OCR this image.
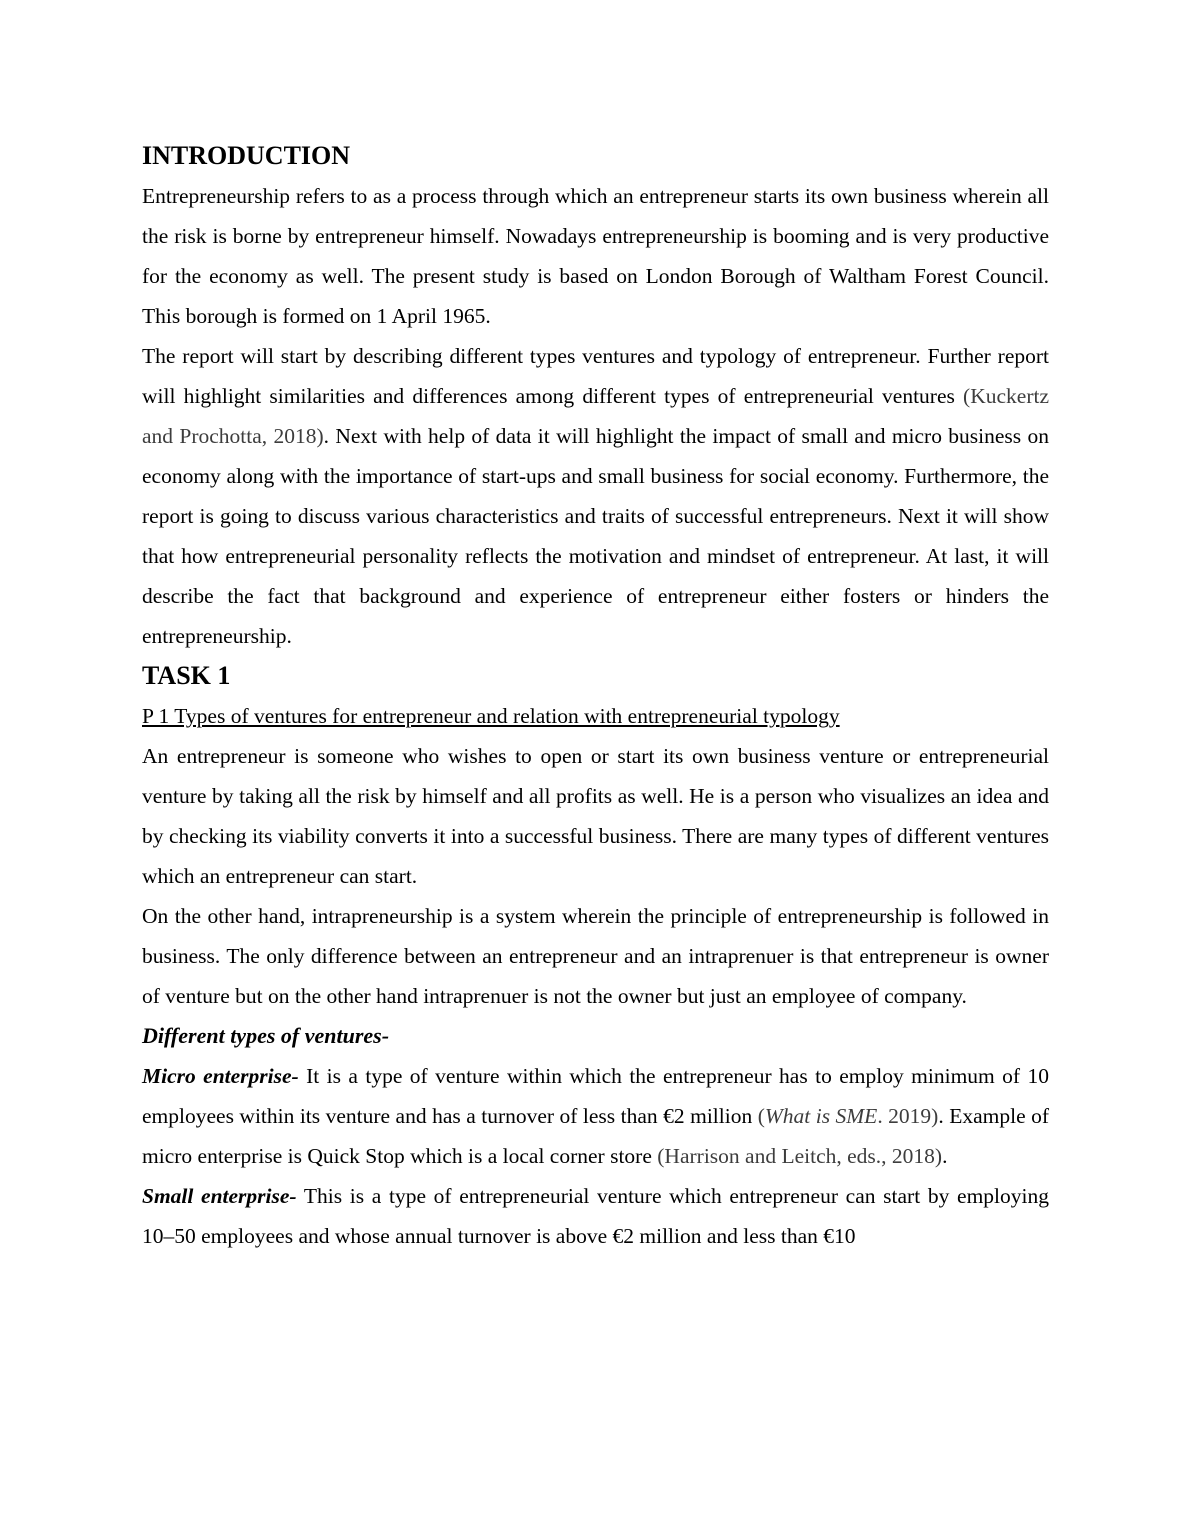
INTRODUCTION

Entrepreneurship refers to as a process through which an entrepreneur starts its own business wherein all the risk is borne by entrepreneur himself. Nowadays entrepreneurship is booming and is very productive for the economy as well. The present study is based on London Borough of Waltham Forest Council. This borough is formed on 1 April 1965.

The report will start by describing different types ventures and typology of entrepreneur. Further report will highlight similarities and differences among different types of entrepreneurial ventures (Kuckertz and Prochotta, 2018). Next with help of data it will highlight the impact of small and micro business on economy along with the importance of start-ups and small business for social economy. Furthermore, the report is going to discuss various characteristics and traits of successful entrepreneurs. Next it will show that how entrepreneurial personality reflects the motivation and mindset of entrepreneur. At last, it will describe the fact that background and experience of entrepreneur either fosters or hinders the entrepreneurship.

TASK 1
P 1 Types of ventures for entrepreneur and relation with entrepreneurial typology

An entrepreneur is someone who wishes to open or start its own business venture or entrepreneurial venture by taking all the risk by himself and all profits as well. He is a person who visualizes an idea and by checking its viability converts it into a successful business. There are many types of different ventures which an entrepreneur can start.

On the other hand, intrapreneurship is a system wherein the principle of entrepreneurship is followed in business. The only difference between an entrepreneur and an intraprenuer is that entrepreneur is owner of venture but on the other hand intraprenuer is not the owner but just an employee of company.

Different types of ventures-

Micro enterprise- It is a type of venture within which the entrepreneur has to employ minimum of 10 employees within its venture and has a turnover of less than €2 million (What is SME. 2019). Example of micro enterprise is Quick Stop which is a local corner store (Harrison and Leitch, eds., 2018).

Small enterprise- This is a type of entrepreneurial venture which entrepreneur can start by employing 10–50 employees and whose annual turnover is above €2 million and less than €10
